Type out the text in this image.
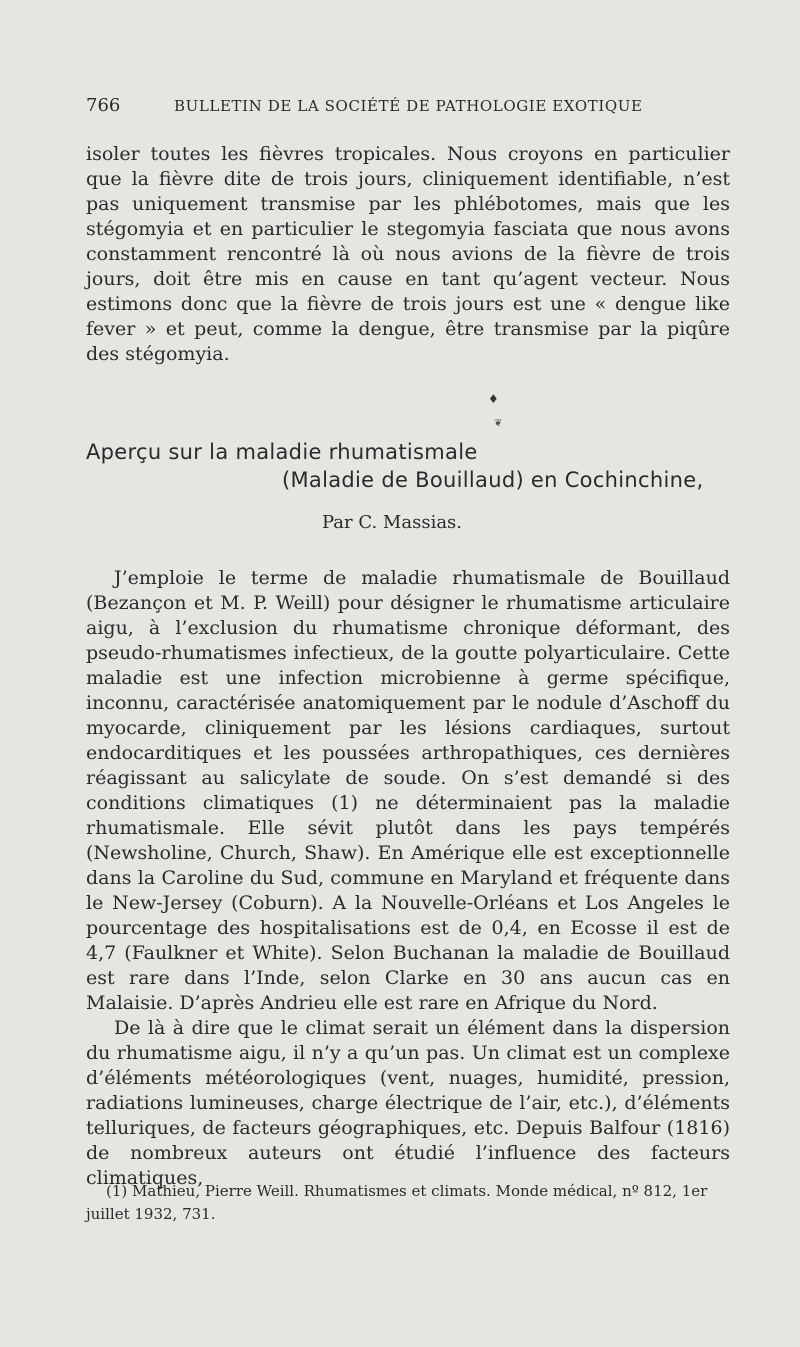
766	BULLETIN DE LA SOCIÉTÉ DE PATHOLOGIE EXOTIQUE

isoler toutes les fièvres tropicales. Nous croyons en particulier que la fièvre dite de trois jours, cliniquement identifiable, n’est pas uniquement transmise par les phlébotomes, mais que les stégomyia et en particulier le stegomyia fasciata que nous avons constamment rencontré là où nous avions de la fièvre de trois jours, doit être mis en cause en tant qu’agent vecteur. Nous estimons donc que la fièvre de trois jours est une « dengue like fever » et peut, comme la dengue, être transmise par la piqûre des stégomyia.

♦
❦
Aperçu sur la maladie rhumatismale
(Maladie de Bouillaud) en Cochinchine,
Par C. Massias.

J’emploie le terme de maladie rhumatismale de Bouillaud (Bezançon et M. P. Weill) pour désigner le rhumatisme articulaire aigu, à l’exclusion du rhumatisme chronique déformant, des pseudo-rhumatismes infectieux, de la goutte polyarticulaire. Cette maladie est une infection microbienne à germe spécifique, inconnu, caractérisée anatomiquement par le nodule d’Aschoff du myocarde, cliniquement par les lésions cardiaques, surtout endocarditiques et les poussées arthropathiques, ces dernières réagissant au salicylate de soude. On s’est demandé si des conditions climatiques (1) ne déterminaient pas la maladie rhumatismale. Elle sévit plutôt dans les pays tempérés (Newsholine, Church, Shaw). En Amérique elle est exceptionnelle dans la Caroline du Sud, commune en Maryland et fréquente dans le New-Jersey (Coburn). A la Nouvelle-Orléans et Los Angeles le pourcentage des hospitalisations est de 0,4, en Ecosse il est de 4,7 (Faulkner et White). Selon Buchanan la maladie de Bouillaud est rare dans l’Inde, selon Clarke en 30 ans aucun cas en Malaisie. D’après Andrieu elle est rare en Afrique du Nord.

De là à dire que le climat serait un élément dans la dispersion du rhumatisme aigu, il n’y a qu’un pas. Un climat est un complexe d’éléments météorologiques (vent, nuages, humidité, pression, radiations lumineuses, charge électrique de l’air, etc.), d’éléments telluriques, de facteurs géographiques, etc. Depuis Balfour (1816) de nombreux auteurs ont étudié l’influence des facteurs climatiques,

(1) Mathieu, Pierre Weill. Rhumatismes et climats. Monde médical, nº 812, 1er juillet 1932, 731.
